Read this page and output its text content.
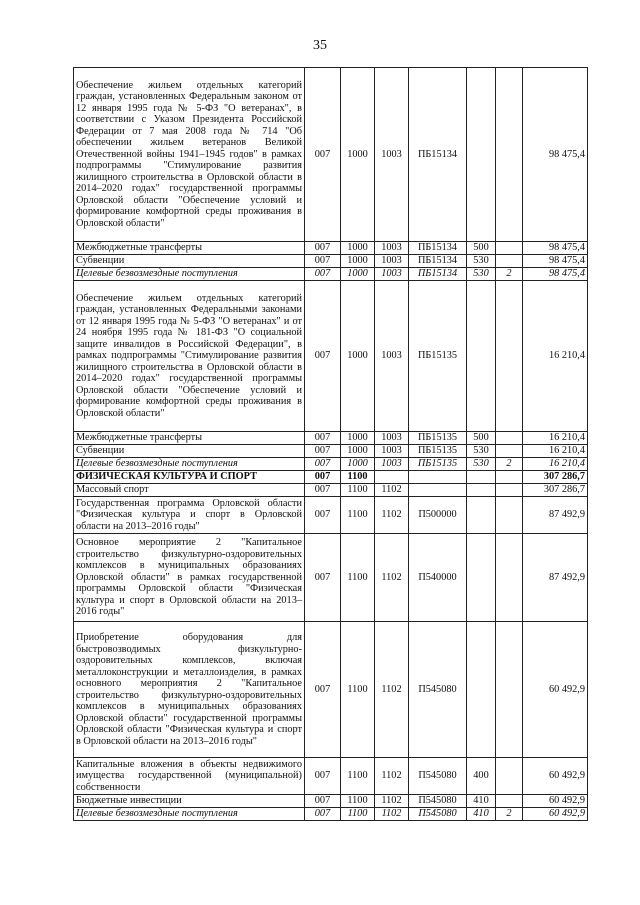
35
Обеспечение жильем отдельных категорий граждан, установленных Федеральным законом от 12 января 1995 года № 5-ФЗ "О ветеранах", в соответствии с Указом Президента Российской Федерации от 7 мая 2008 года № 714 "Об обеспечении жильем ветеранов Великой Отечественной войны 1941–1945 годов" в рамках подпрограммы "Стимулирование развития жилищного строительства в Орловской области в 2014–2020 годах" государственной программы Орловской области "Обеспечение условий и формирование комфортной среды проживания в Орловской области"	007	1000	1003	ПБ15134			98 475,4
Межбюджетные трансферты	007	1000	1003	ПБ15134	500		98 475,4
Субвенции	007	1000	1003	ПБ15134	530		98 475,4
Целевые безвозмездные поступления	007	1000	1003	ПБ15134	530	2	98 475,4
Обеспечение жильем отдельных категорий граждан, установленных Федеральными законами от 12 января 1995 года № 5-ФЗ "О ветеранах" и от 24 ноября 1995 года № 181-ФЗ "О социальной защите инвалидов в Российской Федерации", в рамках подпрограммы "Стимулирование развития жилищного строительства в Орловской области в 2014–2020 годах" государственной программы Орловской области "Обеспечение условий и формирование комфортной среды проживания в Орловской области"	007	1000	1003	ПБ15135			16 210,4
Межбюджетные трансферты	007	1000	1003	ПБ15135	500		16 210,4
Субвенции	007	1000	1003	ПБ15135	530		16 210,4
Целевые безвозмездные поступления	007	1000	1003	ПБ15135	530	2	16 210,4
ФИЗИЧЕСКАЯ КУЛЬТУРА И СПОРТ	007	1100					307 286,7
Массовый спорт	007	1100	1102				307 286,7
Государственная программа Орловской области "Физическая культура и спорт в Орловской области на 2013–2016 годы"	007	1100	1102	П500000			87 492,9
Основное мероприятие 2 "Капитальное строительство физкультурно-оздоровительных комплексов в муниципальных образованиях Орловской области" в рамках государственной программы Орловской области "Физическая культура и спорт в Орловской области на 2013–2016 годы"	007	1100	1102	П540000			87 492,9
Приобретение оборудования для быстровозводимых физкультурно-оздоровительных комплексов, включая металлоконструкции и металлоизделия, в рамках основного мероприятия 2 "Капитальное строительство физкультурно-оздоровительных комплексов в муниципальных образованиях Орловской области" государственной программы Орловской области "Физическая культура и спорт в Орловской области на 2013–2016 годы"	007	1100	1102	П545080			60 492,9
Капитальные вложения в объекты недвижимого имущества государственной (муниципальной) собственности	007	1100	1102	П545080	400		60 492,9
Бюджетные инвестиции	007	1100	1102	П545080	410		60 492,9
Целевые безвозмездные поступления	007	1100	1102	П545080	410	2	60 492,9
